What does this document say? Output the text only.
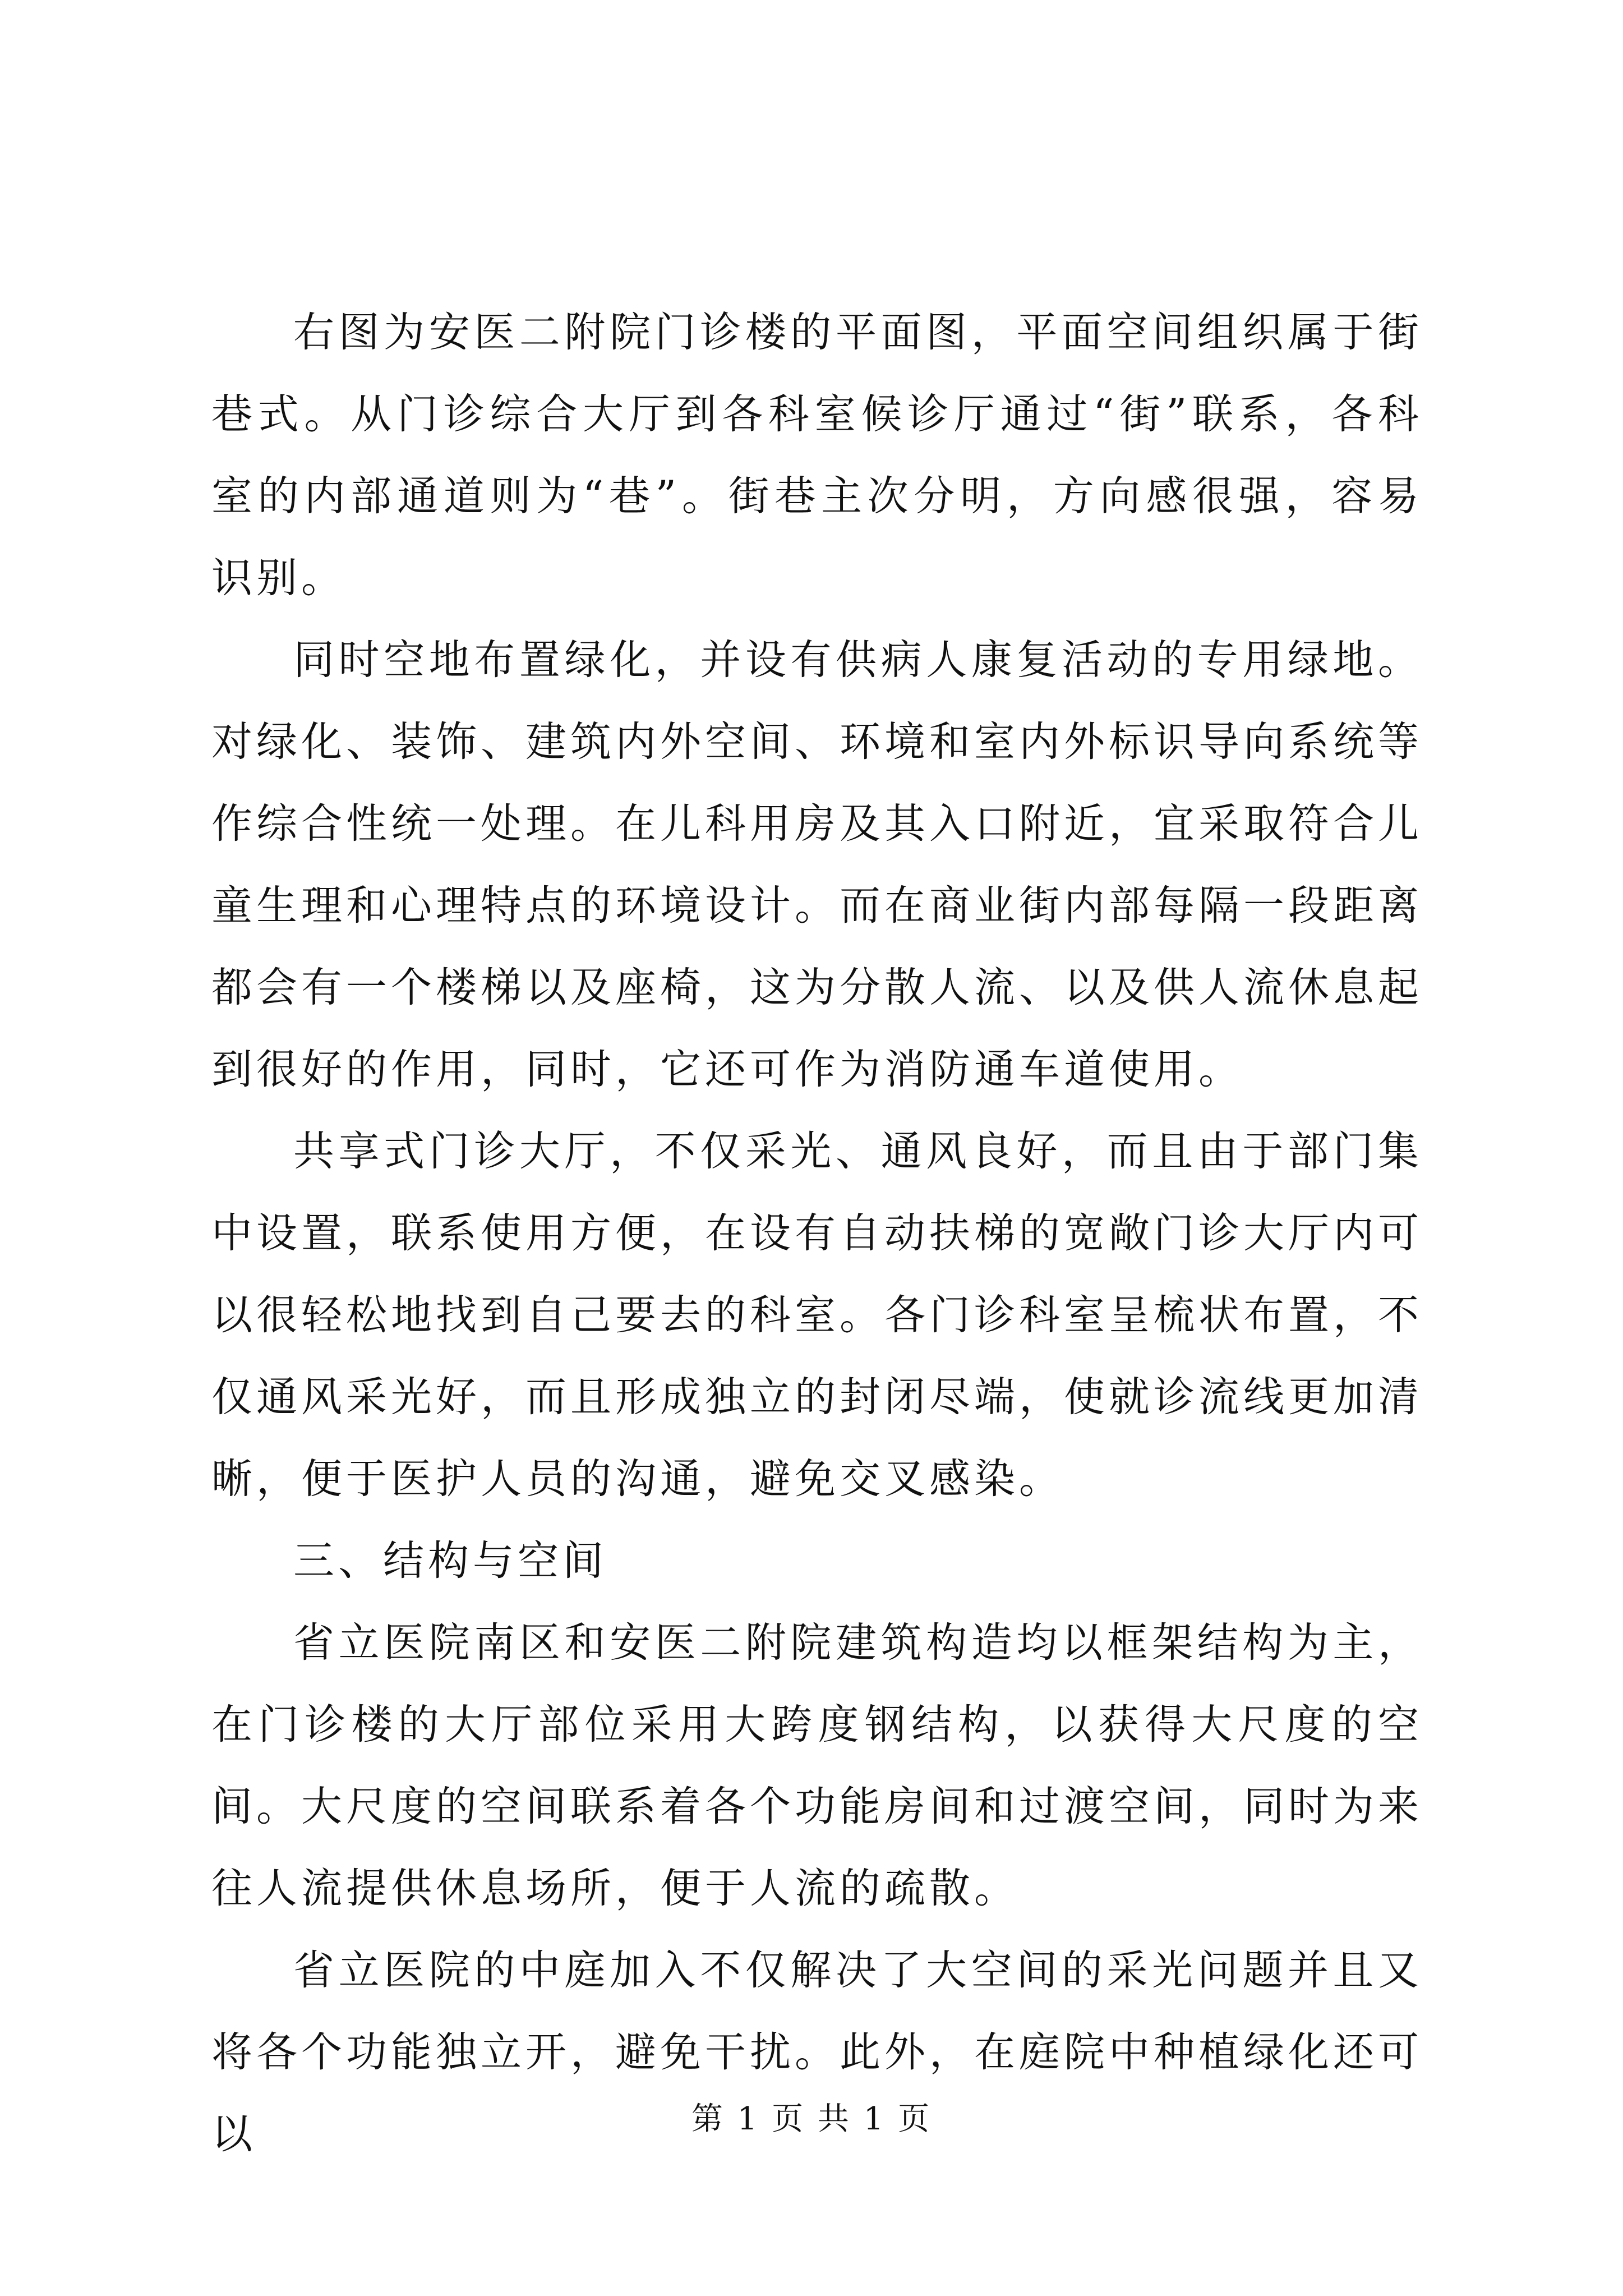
右图为安医二附院门诊楼的平面图，平面空间组织属于街巷式。从门诊综合大厅到各科室候诊厅通过“街”联系，各科室的内部通道则为“巷”。街巷主次分明，方向感很强，容易识别。

同时空地布置绿化，并设有供病人康复活动的专用绿地。对绿化、装饰、建筑内外空间、环境和室内外标识导向系统等作综合性统一处理。在儿科用房及其入口附近，宜采取符合儿童生理和心理特点的环境设计。而在商业街内部每隔一段距离都会有一个楼梯以及座椅，这为分散人流、以及供人流休息起到很好的作用，同时，它还可作为消防通车道使用。

共享式门诊大厅，不仅采光、通风良好，而且由于部门集中设置，联系使用方便，在设有自动扶梯的宽敞门诊大厅内可以很轻松地找到自己要去的科室。各门诊科室呈梳状布置，不仅通风采光好，而且形成独立的封闭尽端，使就诊流线更加清晰，便于医护人员的沟通，避免交叉感染。

三、结构与空间

省立医院南区和安医二附院建筑构造均以框架结构为主，在门诊楼的大厅部位采用大跨度钢结构，以获得大尺度的空间。大尺度的空间联系着各个功能房间和过渡空间，同时为来往人流提供休息场所，便于人流的疏散。

省立医院的中庭加入不仅解决了大空间的采光问题并且又将各个功能独立开，避免干扰。此外，在庭院中种植绿化还可以	第 1 页 共 1 页
